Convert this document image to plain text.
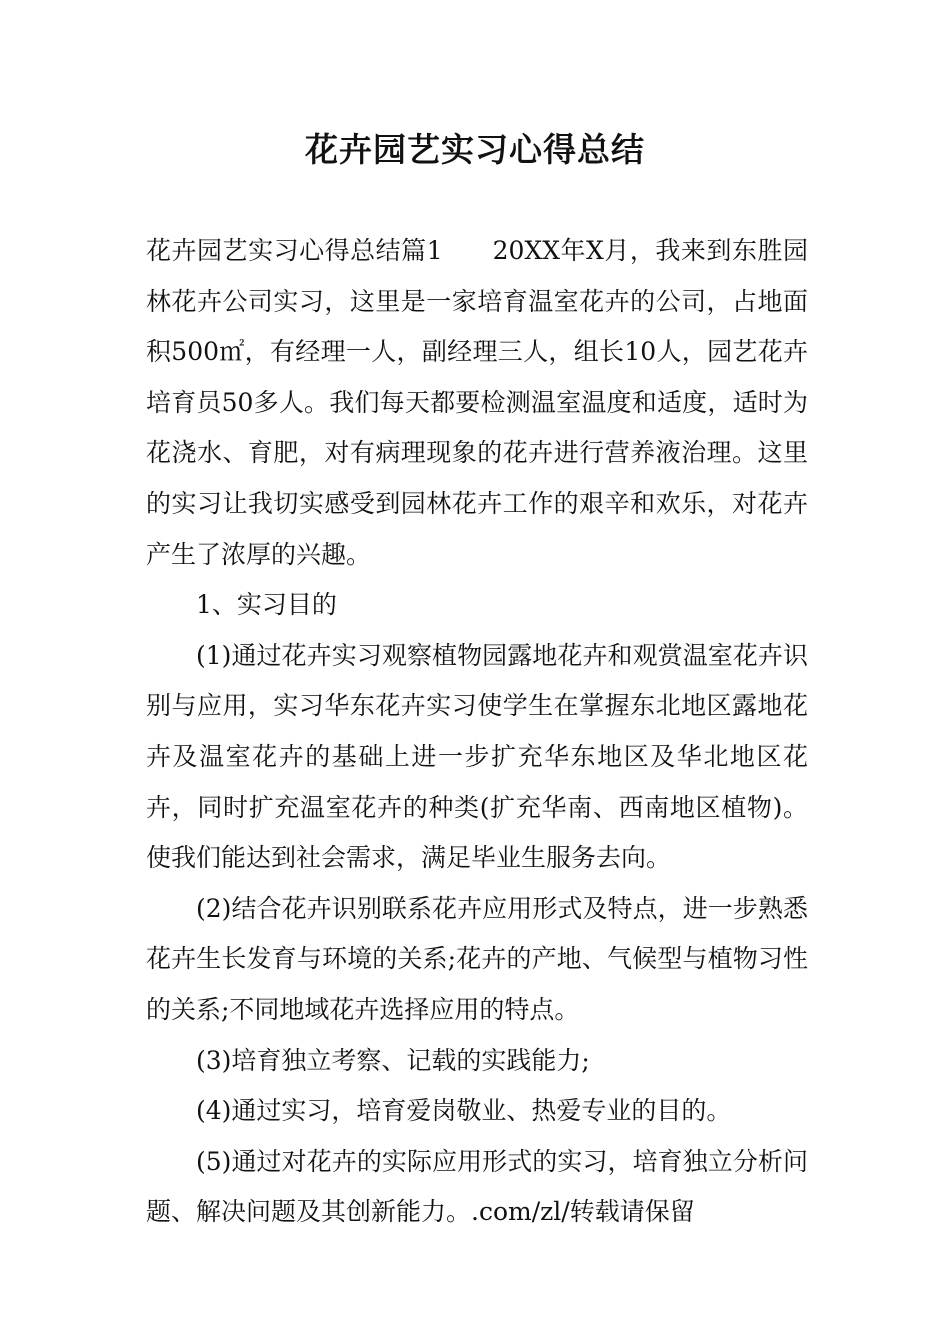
花卉园艺实习心得总结

花卉园艺实习心得总结篇1 20XX年X月，我来到东胜园林花卉公司实习，这里是一家培育温室花卉的公司，占地面积500㎡，有经理一人，副经理三人，组长10人，园艺花卉培育员50多人。我们每天都要检测温室温度和适度，适时为花浇水、育肥，对有病理现象的花卉进行营养液治理。这里的实习让我切实感受到园林花卉工作的艰辛和欢乐，对花卉产生了浓厚的兴趣。

1、实习目的

(1)通过花卉实习观察植物园露地花卉和观赏温室花卉识别与应用，实习华东花卉实习使学生在掌握东北地区露地花卉及温室花卉的基础上进一步扩充华东地区及华北地区花卉，同时扩充温室花卉的种类(扩充华南、西南地区植物)。使我们能达到社会需求，满足毕业生服务去向。

(2)结合花卉识别联系花卉应用形式及特点，进一步熟悉花卉生长发育与环境的关系;花卉的产地、气候型与植物习性的关系;不同地域花卉选择应用的特点。

(3)培育独立考察、记载的实践能力;

(4)通过实习，培育爱岗敬业、热爱专业的目的。

(5)通过对花卉的实际应用形式的实习，培育独立分析问题、解决问题及其创新能力。.com/zl/转载请保留
